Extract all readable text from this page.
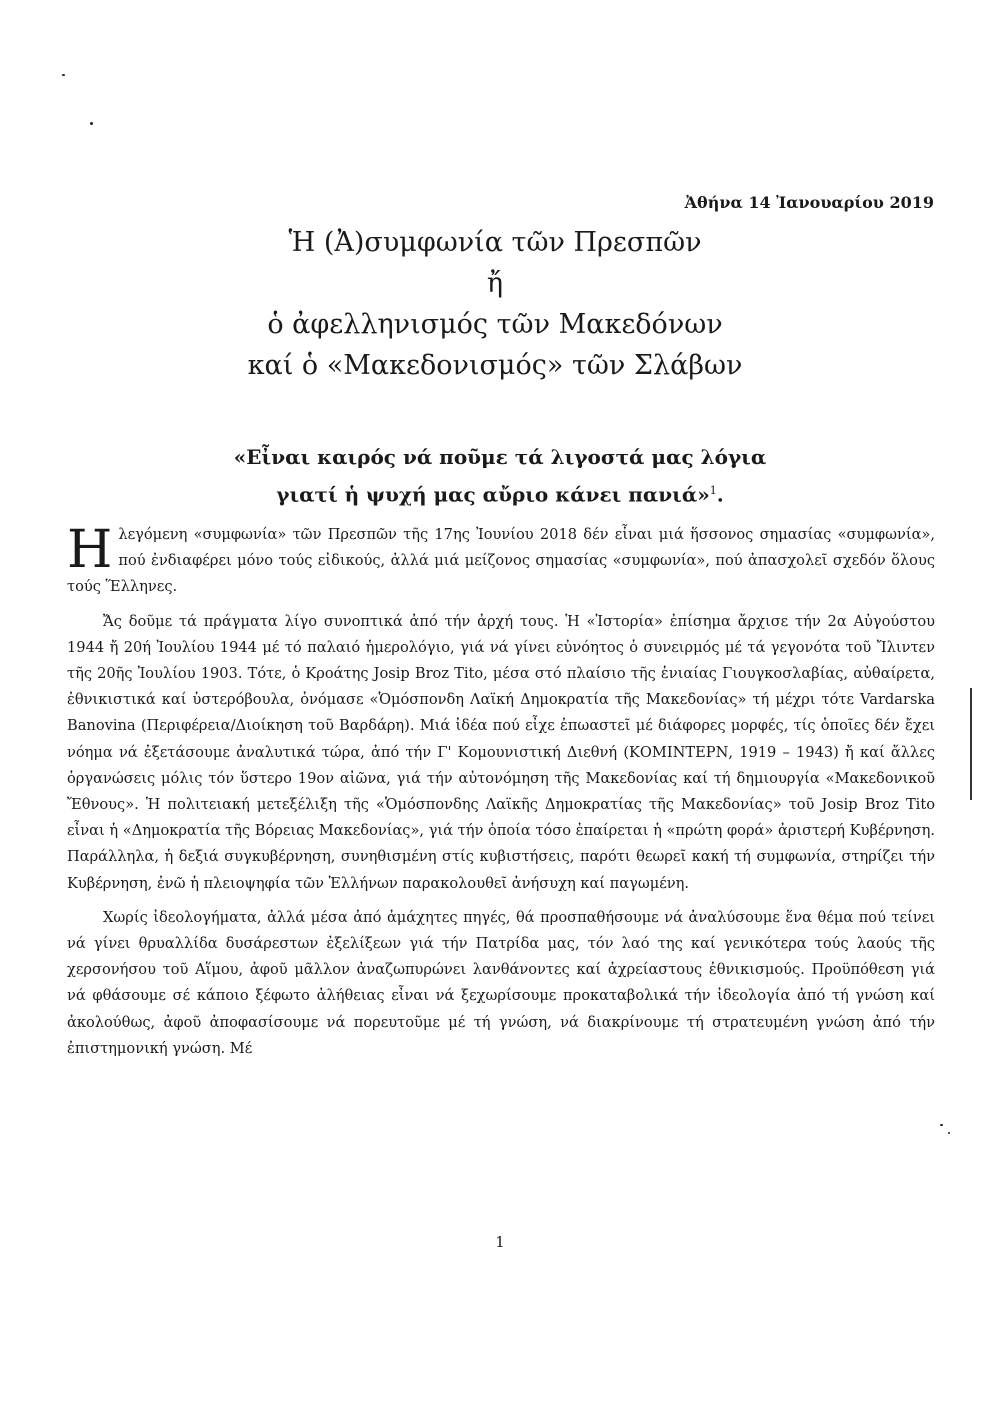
Ἀθήνα 14 Ἰανουαρίου 2019
Ἡ (Ἀ)συμφωνία τῶν Πρεσπῶν
ἤ
ὁ ἀφελληνισμός τῶν Μακεδόνων
καί ὁ «Μακεδονισμός» τῶν Σλάβων
«Εἶναι καιρός νά ποῦμε τά λιγοστά μας λόγια
γιατί ἡ ψυχή μας αὔριο κάνει πανιά»$^1$.

Ηλεγόμενη «συμφωνία» τῶν Πρεσπῶν τῆς 17ης Ἰουνίου 2018 δέν εἶναι μιά ἥσσονος σημασίας «συμφωνία», πού ἐνδιαφέρει μόνο τούς εἰδικούς, ἀλλά μιά μείζονος σημασίας «συμφωνία», πού ἀπασχολεῖ σχεδόν ὅλους τούς Ἕλληνες.

Ἄς δοῦμε τά πράγματα λίγο συνοπτικά ἀπό τήν ἀρχή τους. Ἡ «Ἱστορία» ἐπίσημα ἄρχισε τήν 2α Αὐγούστου 1944 ἤ 20ή Ἰουλίου 1944 μέ τό παλαιό ἡμερολόγιο, γιά νά γίνει εὐνόητος ὁ συνειρμός μέ τά γεγονότα τοῦ Ἴλιντεν τῆς 20ῆς Ἰουλίου 1903. Τότε, ὁ Κροάτης Josip Broz Tito, μέσα στό πλαίσιο τῆς ἑνιαίας Γιουγκοσλαβίας, αὐθαίρετα, ἐθνικιστικά καί ὑστερόβουλα, ὀνόμασε «Ὁμόσπονδη Λαϊκή Δημοκρατία τῆς Μακεδονίας» τή μέχρι τότε Vardarska Banovina (Περιφέρεια/Διοίκηση τοῦ Βαρδάρη). Μιά ἰδέα πού εἶχε ἐπωαστεῖ μέ διάφορες μορφές, τίς ὁποῖες δέν ἔχει νόημα νά ἐξετάσουμε ἀναλυτικά τώρα, ἀπό τήν Γ' Κομουνιστική Διεθνή (ΚΟΜΙΝΤΕΡΝ, 1919 – 1943) ἤ καί ἄλλες ὀργανώσεις μόλις τόν ὕστερο 19ον αἰῶνα, γιά τήν αὐτονόμηση τῆς Μακεδονίας καί τή δημιουργία «Μακεδονικοῦ Ἔθνους». Ἡ πολιτειακή μετεξέλιξη τῆς «Ὁμόσπονδης Λαϊκῆς Δημοκρατίας τῆς Μακεδονίας» τοῦ Josip Broz Tito εἶναι ἡ «Δημοκρατία τῆς Βόρειας Μακεδονίας», γιά τήν ὁποία τόσο ἐπαίρεται ἡ «πρώτη φορά» ἀριστερή Κυβέρνηση. Παράλληλα, ἡ δεξιά συγκυβέρνηση, συνηθισμένη στίς κυβιστήσεις, παρότι θεωρεῖ κακή τή συμφωνία, στηρίζει τήν Κυβέρνηση, ἐνῶ ἡ πλειοψηφία τῶν Ἑλλήνων παρακολουθεῖ ἀνήσυχη καί παγωμένη.

Χωρίς ἰδεολογήματα, ἀλλά μέσα ἀπό ἀμάχητες πηγές, θά προσπαθήσουμε νά ἀναλύσουμε ἕνα θέμα πού τείνει νά γίνει θρυαλλίδα δυσάρεστων ἐξελίξεων γιά τήν Πατρίδα μας, τόν λαό της καί γενικότερα τούς λαούς τῆς χερσονήσου τοῦ Αἵμου, ἀφοῦ μᾶλλον ἀναζωπυρώνει λανθάνοντες καί ἀχρείαστους ἐθνικισμούς. Προϋπόθεση γιά νά φθάσουμε σέ κάποιο ξέφωτο ἀλήθειας εἶναι νά ξεχωρίσουμε προκαταβολικά τήν ἰδεολογία ἀπό τή γνώση καί ἀκολούθως, ἀφοῦ ἀποφασίσουμε νά πορευτοῦμε μέ τή γνώση, νά διακρίνουμε τή στρατευμένη γνώση ἀπό τήν ἐπιστημονική γνώση. Μέ

1
